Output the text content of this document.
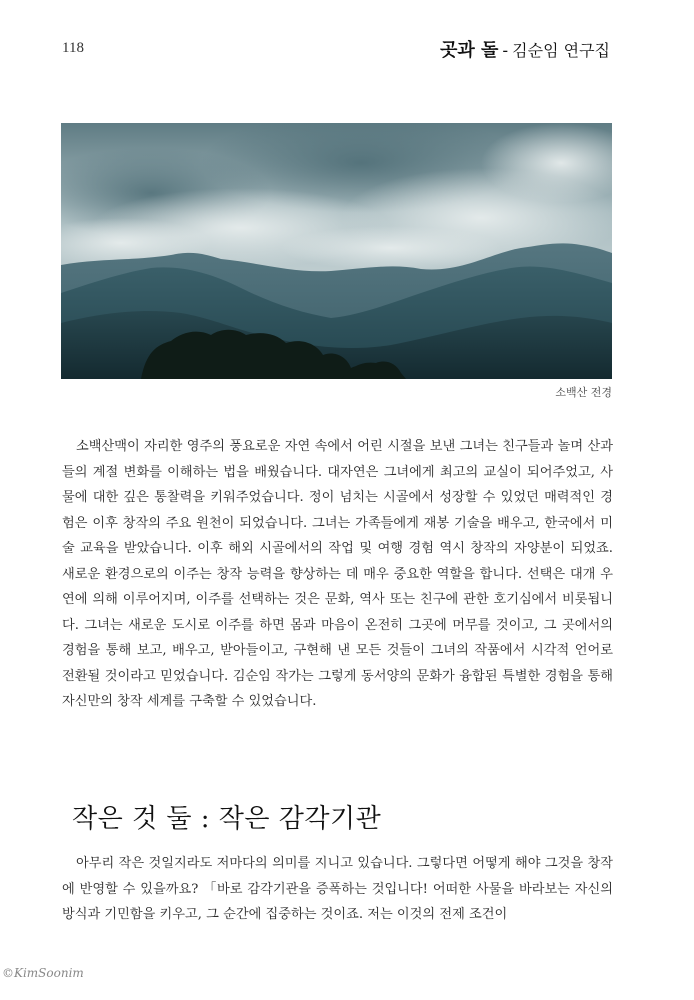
118	곳과 돌 - 김순임 연구집
소백산 전경

소백산맥이 자리한 영주의 풍요로운 자연 속에서 어린 시절을 보낸 그녀는 친구들과 놀며 산과 들의 계절 변화를 이해하는 법을 배웠습니다. 대자연은 그녀에게 최고의 교실이 되어주었고, 사물에 대한 깊은 통찰력을 키워주었습니다. 정이 넘치는 시골에서 성장할 수 있었던 매력적인 경험은 이후 창작의 주요 원천이 되었습니다. 그녀는 가족들에게 재봉 기술을 배우고, 한국에서 미술 교육을 받았습니다. 이후 해외 시골에서의 작업 및 여행 경험 역시 창작의 자양분이 되었죠. 새로운 환경으로의 이주는 창작 능력을 향상하는 데 매우 중요한 역할을 합니다. 선택은 대개 우연에 의해 이루어지며, 이주를 선택하는 것은 문화, 역사 또는 친구에 관한 호기심에서 비롯됩니다. 그녀는 새로운 도시로 이주를 하면 몸과 마음이 온전히 그곳에 머무를 것이고, 그 곳에서의 경험을 통해 보고, 배우고, 받아들이고, 구현해 낸 모든 것들이 그녀의 작품에서 시각적 언어로 전환될 것이라고 믿었습니다. 김순임 작가는 그렇게 동서양의 문화가 융합된 특별한 경험을 통해 자신만의 창작 세계를 구축할 수 있었습니다.

작은 것 둘 : 작은 감각기관

아무리 작은 것일지라도 저마다의 의미를 지니고 있습니다. 그렇다면 어떻게 해야 그것을 창작에 반영할 수 있을까요? 「바로 감각기관을 증폭하는 것입니다! 어떠한 사물을 바라보는 자신의 방식과 기민함을 키우고, 그 순간에 집중하는 것이죠. 저는 이것의 전제 조건이

©KimSoonim
